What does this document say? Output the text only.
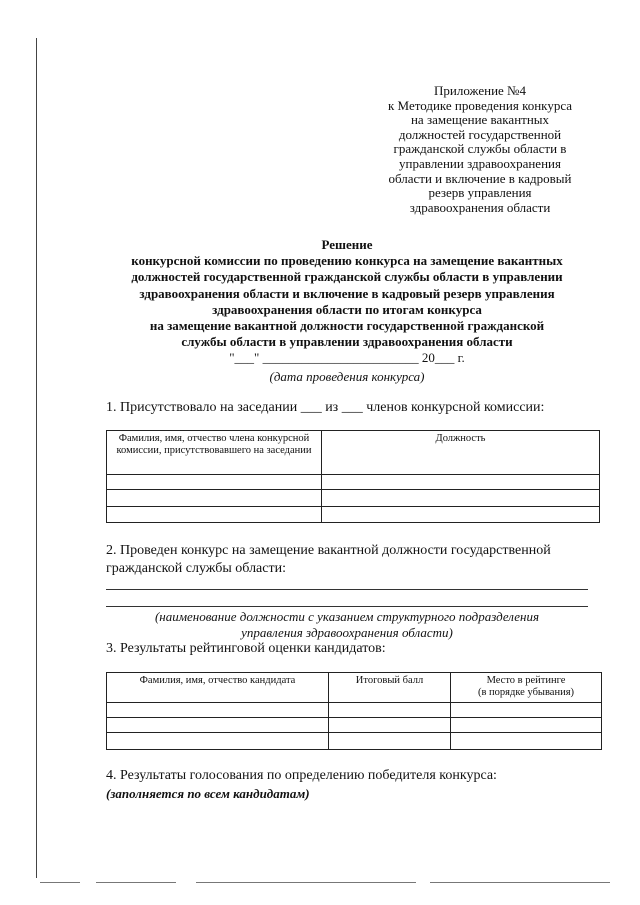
Приложение №4
к Методике проведения конкурса
на замещение вакантных
должностей государственной
гражданской службы области в
управлении здравоохранения
области и включение в кадровый
резерв управления
здравоохранения области
Решение
конкурсной комиссии по проведению конкурса на замещение вакантных
должностей государственной гражданской службы области в управлении
здравоохранения области и включение в кадровый резерв управления
здравоохранения области по итогам конкурса
на замещение вакантной должности государственной гражданской
службы области в управлении здравоохранения области
"___" ________________________ 20___ г.
(дата проведения конкурса)
1. Присутствовало на заседании ___ из ___ членов конкурсной комиссии:
Фамилия, имя, отчество члена конкурсной комиссии, присутствовавшего на заседании	Должность

2. Проведен конкурс на замещение вакантной должности государственной
гражданской службы области:
(наименование должности с указанием структурного подразделения
управления здравоохранения области)
3. Результаты рейтинговой оценки кандидатов:
Фамилия, имя, отчество кандидата	Итоговый балл	Место в рейтинге
(в порядке убывания)

4. Результаты голосования по определению победителя конкурса:
(заполняется по всем кандидатам)
